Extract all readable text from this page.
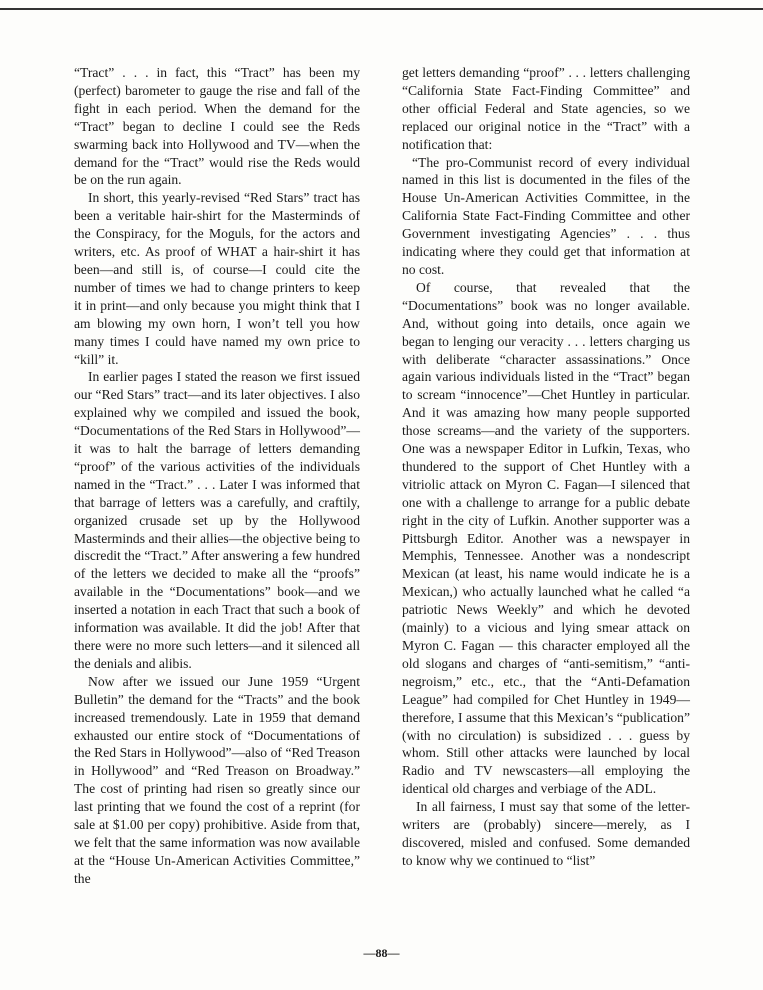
“Tract” . . . in fact, this “Tract” has been my (perfect) barometer to gauge the rise and fall of the fight in each period. When the demand for the “Tract” began to decline I could see the Reds swarming back into Hollywood and TV—when the demand for the “Tract” would rise the Reds would be on the run again.

In short, this yearly-revised “Red Stars” tract has been a veritable hair-shirt for the Masterminds of the Conspiracy, for the Moguls, for the actors and writers, etc. As proof of WHAT a hair-shirt it has been—and still is, of course—I could cite the number of times we had to change printers to keep it in print—and only because you might think that I am blowing my own horn, I won’t tell you how many times I could have named my own price to “kill” it.

In earlier pages I stated the reason we first issued our “Red Stars” tract—and its later objectives. I also explained why we compiled and issued the book, “Documentations of the Red Stars in Hollywood”—it was to halt the barrage of letters demanding “proof” of the various activities of the individuals named in the “Tract.” . . . Later I was informed that that barrage of letters was a carefully, and craftily, organized crusade set up by the Hollywood Masterminds and their allies—the objective being to discredit the “Tract.” After answering a few hundred of the letters we decided to make all the “proofs” available in the “Documentations” book—and we inserted a notation in each Tract that such a book of information was available. It did the job! After that there were no more such letters—and it silenced all the denials and alibis.

Now after we issued our June 1959 “Urgent Bulletin” the demand for the “Tracts” and the book increased tremendously. Late in 1959 that demand exhausted our entire stock of “Documentations of the Red Stars in Hollywood”—also of “Red Treason in Hollywood” and “Red Treason on Broadway.” The cost of printing had risen so greatly since our last printing that we found the cost of a reprint (for sale at $1.00 per copy) prohibitive. Aside from that, we felt that the same information was now available at the “House Un-American Activities Committee,” the

get letters demanding “proof” . . . letters challenging “California State Fact-Finding Committee” and other official Federal and State agencies, so we replaced our original notice in the “Tract” with a notification that:

“The pro-Communist record of every individual named in this list is documented in the files of the House Un-American Activities Committee, in the California State Fact-Finding Committee and other Government investigating Agencies” . . . thus indicating where they could get that information at no cost.

Of course, that revealed that the “Documentations” book was no longer available. And, without going into details, once again we began to lenging our veracity . . . letters charging us with deliberate “character assassinations.” Once again various individuals listed in the “Tract” began to scream “innocence”—Chet Huntley in particular. And it was amazing how many people supported those screams—and the variety of the supporters. One was a newspaper Editor in Lufkin, Texas, who thundered to the support of Chet Huntley with a vitriolic attack on Myron C. Fagan—I silenced that one with a challenge to arrange for a public debate right in the city of Lufkin. Another supporter was a Pittsburgh Editor. Another was a newspayer in Memphis, Tennessee. Another was a nondescript Mexican (at least, his name would indicate he is a Mexican,) who actually launched what he called “a patriotic News Weekly” and which he devoted (mainly) to a vicious and lying smear attack on Myron C. Fagan — this character employed all the old slogans and charges of “anti-semitism,” “anti-negroism,” etc., etc., that the “Anti-Defamation League” had compiled for Chet Huntley in 1949—therefore, I assume that this Mexican’s “publication” (with no circulation) is subsidized . . . guess by whom. Still other attacks were launched by local Radio and TV newscasters—all employing the identical old charges and verbiage of the ADL.

In all fairness, I must say that some of the letter-writers are (probably) sincere—merely, as I discovered, misled and confused. Some demanded to know why we continued to “list”

—88—
